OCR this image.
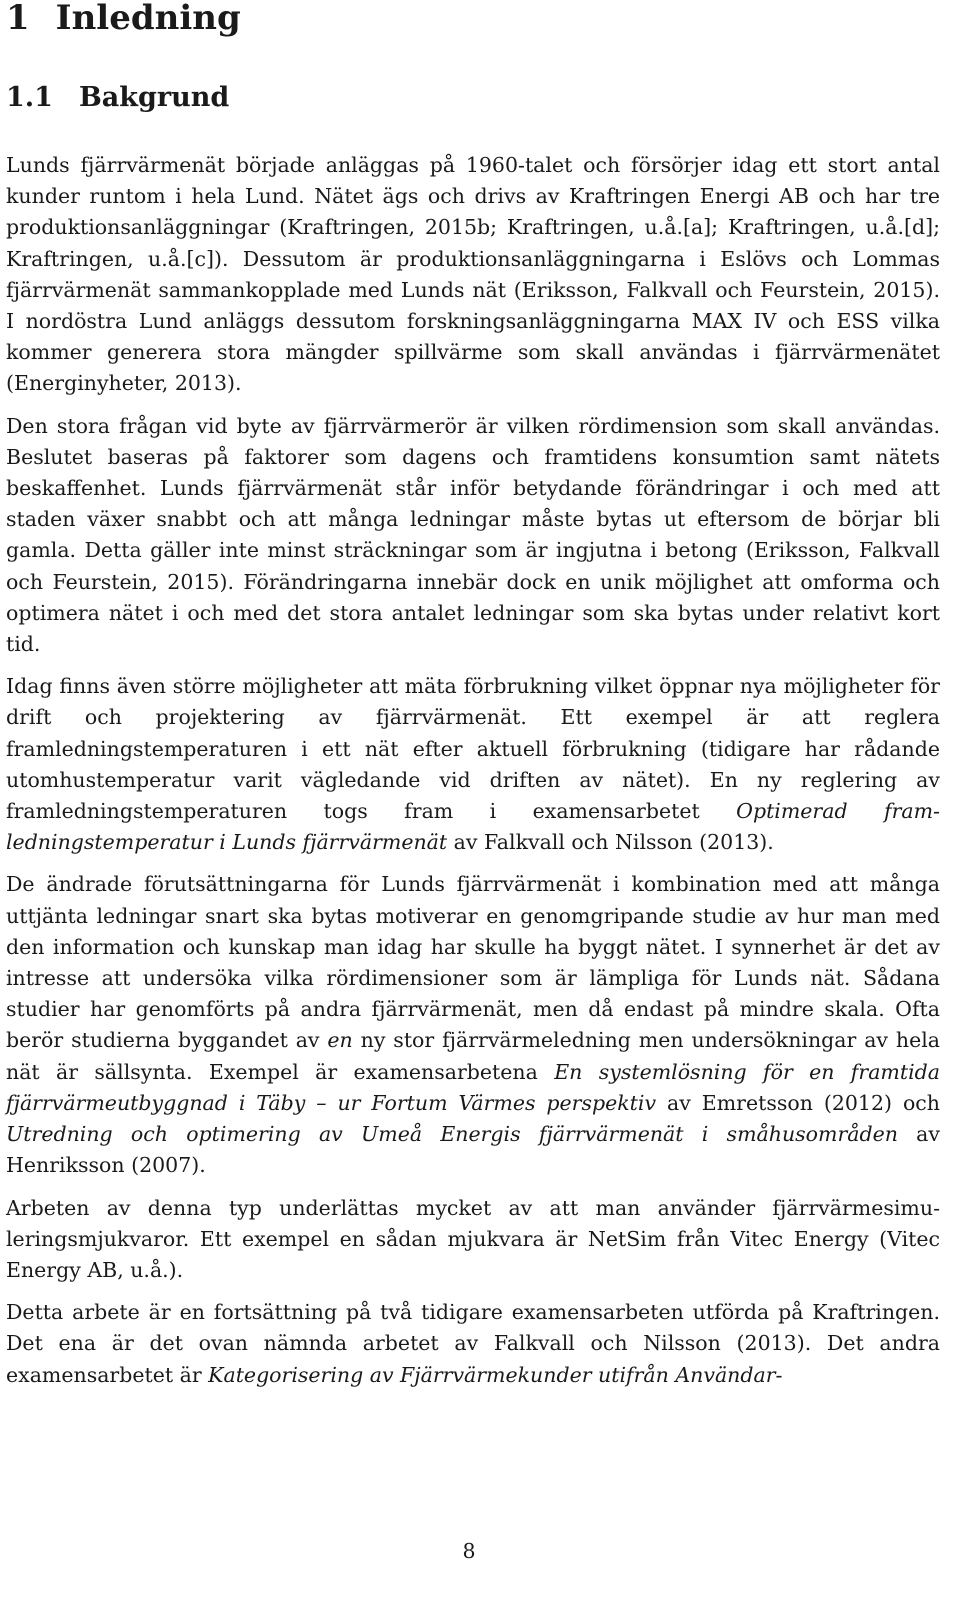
1 Inledning
1.1 Bakgrund

Lunds fjärrvärmenät började anläggas på 1960-talet och försörjer idag ett stort antal kunder runtom i hela Lund. Nätet ägs och drivs av Kraftringen Energi AB och har tre produktionsanläggningar (Kraftringen, 2015b; Kraftringen, u.å.[a]; Kraftringen, u.å.[d]; Kraftringen, u.å.[c]). Dessutom är produktionsanläggningarna i Eslövs och Lommas fjärrvärmenät sammankopplade med Lunds nät (Eriksson, Falkvall och Feurstein, 2015). I nordöstra Lund anläggs dessutom forskningsanläggningarna MAX IV och ESS vilka kommer generera stora mängder spillvärme som skall användas i fjärrvärmenätet (Energinyheter, 2013).

Den stora frågan vid byte av fjärrvärmerör är vilken rördimension som skall användas. Beslutet baseras på faktorer som dagens och framtidens konsumtion samt nätets beskaffenhet. Lunds fjärrvärmenät står inför betydande förändringar i och med att staden växer snabbt och att många ledningar måste bytas ut eftersom de börjar bli gamla. Detta gäller inte minst sträckningar som är ingjutna i betong (Eriksson, Falkvall och Feurstein, 2015). Förändringarna innebär dock en unik möjlighet att omforma och optimera nätet i och med det stora antalet ledningar som ska bytas under relativt kort tid.

Idag finns även större möjligheter att mäta förbrukning vilket öppnar nya möjligheter för drift och projektering av fjärrvärmenät. Ett exempel är att reglera framledningstemperaturen i ett nät efter aktuell förbrukning (tidigare har rådande utomhustemperatur varit vägledande vid driften av nätet). En ny reglering av framledningstemperaturen togs fram i examensarbetet Optimerad framledningstemperatur i Lunds fjärrvärmenät av Falkvall och Nilsson (2013).

De ändrade förutsättningarna för Lunds fjärrvärmenät i kombination med att många uttjänta ledningar snart ska bytas motiverar en genomgripande studie av hur man med den information och kunskap man idag har skulle ha byggt nätet. I synnerhet är det av intresse att undersöka vilka rördimensioner som är lämpliga för Lunds nät. Sådana studier har genomförts på andra fjärrvärmenät, men då endast på mindre skala. Ofta berör studierna byggandet av en ny stor fjärrvärmeledning men undersökningar av hela nät är sällsynta. Exempel är examensarbetena En systemlösning för en framtida fjärrvärmeutbyggnad i Täby – ur Fortum Värmes perspektiv av Emretsson (2012) och Utredning och optimering av Umeå Energis fjärrvärmenät i småhusområden av Henriksson (2007).

Arbeten av denna typ underlättas mycket av att man använder fjärrvärmesimuleringsmjukvaror. Ett exempel en sådan mjukvara är NetSim från Vitec Energy (Vitec Energy AB, u.å.).

Detta arbete är en fortsättning på två tidigare examensarbeten utförda på Kraftringen. Det ena är det ovan nämnda arbetet av Falkvall och Nilsson (2013). Det andra examensarbetet är Kategorisering av Fjärrvärmekunder utifrån Användar-

8
